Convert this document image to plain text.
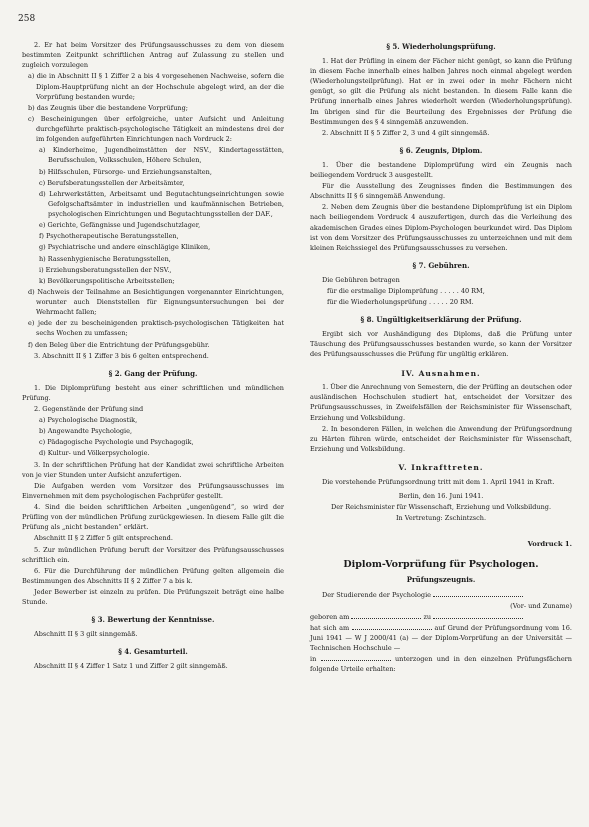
258

2. Er hat beim Vorsitzer des Prüfungsausschusses zu dem von diesem bestimmten Zeitpunkt schriftlichen Antrag auf Zulassung zu stellen und zugleich vorzulegen

a) die in Abschnitt II § 1 Ziffer 2 a bis 4 vorgesehenen Nachweise, sofern die Diplom-Hauptprüfung nicht an der Hochschule abgelegt wird, an der die Vorprüfung bestanden wurde;

b) das Zeugnis über die bestandene Vorprüfung;

c) Bescheinigungen über erfolgreiche, unter Aufsicht und Anleitung durchgeführte praktisch-psychologische Tätigkeit an mindestens drei der im folgenden aufgeführten Einrichtungen nach Vordruck 2:

a) Kinderheime, Jugendheimstätten der NSV., Kindertagesstätten, Berufsschulen, Volksschulen, Höhere Schulen,

b) Hilfsschulen, Fürsorge- und Erziehungsanstalten,

c) Berufsberatungsstellen der Arbeitsämter,

d) Lehrwerkstätten, Arbeitsamt und Begutachtungseinrichtungen sowie Gefolgschaftsämter in industriellen und kaufmännischen Betrieben, psychologischen Einrichtungen und Begutachtungsstellen der DAF.,

e) Gerichte, Gefängnisse und Jugendschutzlager,

f) Psychotherapeutische Beratungsstellen,

g) Psychiatrische und andere einschlägige Kliniken,

h) Rassenhygienische Beratungsstellen,

i) Erziehungsberatungsstellen der NSV.,

k) Bevölkerungspolitische Arbeitsstellen;

d) Nachweis der Teilnahme an Besichtigungen vorgenannter Einrichtungen, worunter auch Dienststellen für Eignungsuntersuchungen bei der Wehrmacht fallen;

e) jede der zu bescheinigenden praktisch-psychologischen Tätigkeiten hat sechs Wochen zu umfassen;

f) den Beleg über die Entrichtung der Prüfungsgebühr.

3. Abschnitt II § 1 Ziffer 3 bis 6 gelten entsprechend.

§ 2. Gang der Prüfung.

1. Die Diplomprüfung besteht aus einer schriftlichen und mündlichen Prüfung.

2. Gegenstände der Prüfung sind

a) Psychologische Diagnostik,

b) Angewandte Psychologie,

c) Pädagogische Psychologie und Psychagogik,

d) Kultur- und Völkerpsychologie.

3. In der schriftlichen Prüfung hat der Kandidat zwei schriftliche Arbeiten von je vier Stunden unter Aufsicht anzufertigen.

Die Aufgaben werden vom Vorsitzer des Prüfungsausschusses im Einvernehmen mit dem psychologischen Fachprüfer gestellt.

4. Sind die beiden schriftlichen Arbeiten „ungenügend“, so wird der Prüfling von der mündlichen Prüfung zurückgewiesen. In diesem Falle gilt die Prüfung als „nicht bestanden“ erklärt.

Abschnitt II § 2 Ziffer 5 gilt entsprechend.

5. Zur mündlichen Prüfung beruft der Vorsitzer des Prüfungsausschusses schriftlich ein.

6. Für die Durchführung der mündlichen Prüfung gelten allgemein die Bestimmungen des Abschnitts II § 2 Ziffer 7 a bis k.

Jeder Bewerber ist einzeln zu prüfen. Die Prüfungszeit beträgt eine halbe Stunde.

§ 3. Bewertung der Kenntnisse.

Abschnitt II § 3 gilt sinngemäß.

§ 4. Gesamturteil.

Abschnitt II § 4 Ziffer 1 Satz 1 und Ziffer 2 gilt sinngemäß.

§ 5. Wiederholungsprüfung.

1. Hat der Prüfling in einem der Fächer nicht genügt, so kann die Prüfung in diesem Fache innerhalb eines halben Jahres noch einmal abgelegt werden (Wiederholungsteilprüfung). Hat er in zwei oder in mehr Fächern nicht genügt, so gilt die Prüfung als nicht bestanden. In diesem Falle kann die Prüfung innerhalb eines Jahres wiederholt werden (Wiederholungsprüfung). Im übrigen sind für die Beurteilung des Ergebnisses der Prüfung die Bestimmungen des § 4 sinngemäß anzuwenden.

2. Abschnitt II § 5 Ziffer 2, 3 und 4 gilt sinngemäß.

§ 6. Zeugnis, Diplom.

1. Über die bestandene Diplomprüfung wird ein Zeugnis nach beiliegendem Vordruck 3 ausgestellt.

Für die Ausstellung des Zeugnisses finden die Bestimmungen des Abschnitts II § 6 sinngemäß Anwendung.

2. Neben dem Zeugnis über die bestandene Diplomprüfung ist ein Diplom nach beiliegendem Vordruck 4 auszufertigen, durch das die Verleihung des akademischen Grades eines Diplom-Psychologen beurkundet wird. Das Diplom ist von dem Vorsitzer des Prüfungsausschusses zu unterzeichnen und mit dem kleinen Reichssiegel des Prüfungsausschusses zu versehen.

§ 7. Gebühren.

Die Gebühren betragen

für die erstmalige Diplomprüfung . . . . . 40 RM,

für die Wiederholungsprüfung . . . . . 20 RM.

§ 8. Ungültigkeitserklärung der Prüfung.

Ergibt sich vor Aushändigung des Diploms, daß die Prüfung unter Täuschung des Prüfungsausschusses bestanden wurde, so kann der Vorsitzer des Prüfungsausschusses die Prüfung für ungültig erklären.

IV. Ausnahmen.

1. Über die Anrechnung von Semestern, die der Prüfling an deutschen oder ausländischen Hochschulen studiert hat, entscheidet der Vorsitzer des Prüfungsausschusses, in Zweifelsfällen der Reichsminister für Wissenschaft, Erziehung und Volksbildung.

2. In besonderen Fällen, in welchen die Anwendung der Prüfungsordnung zu Härten führen würde, entscheidet der Reichsminister für Wissenschaft, Erziehung und Volksbildung.

V. Inkrafttreten.

Die vorstehende Prüfungsordnung tritt mit dem 1. April 1941 in Kraft.

Berlin, den 16. Juni 1941.

Der Reichsminister für Wissenschaft, Erziehung und Volksbildung.

In Vertretung: Zschintzsch.

Vordruck 1.
Diplom-Vorprüfung für Psychologen.
Prüfungszeugnis.

Der Studierende der Psychologie

(Vor- und Zuname)

geboren am	zu

hat sich am	auf Grund der Prüfungsordnung vom 16. Juni 1941 — W J 2000/41 (a) — der Diplom-Vorprüfung an der Universität — Technischen Hochschule —

in	unterzogen und in den einzelnen Prüfungsfächern folgende Urteile erhalten:
